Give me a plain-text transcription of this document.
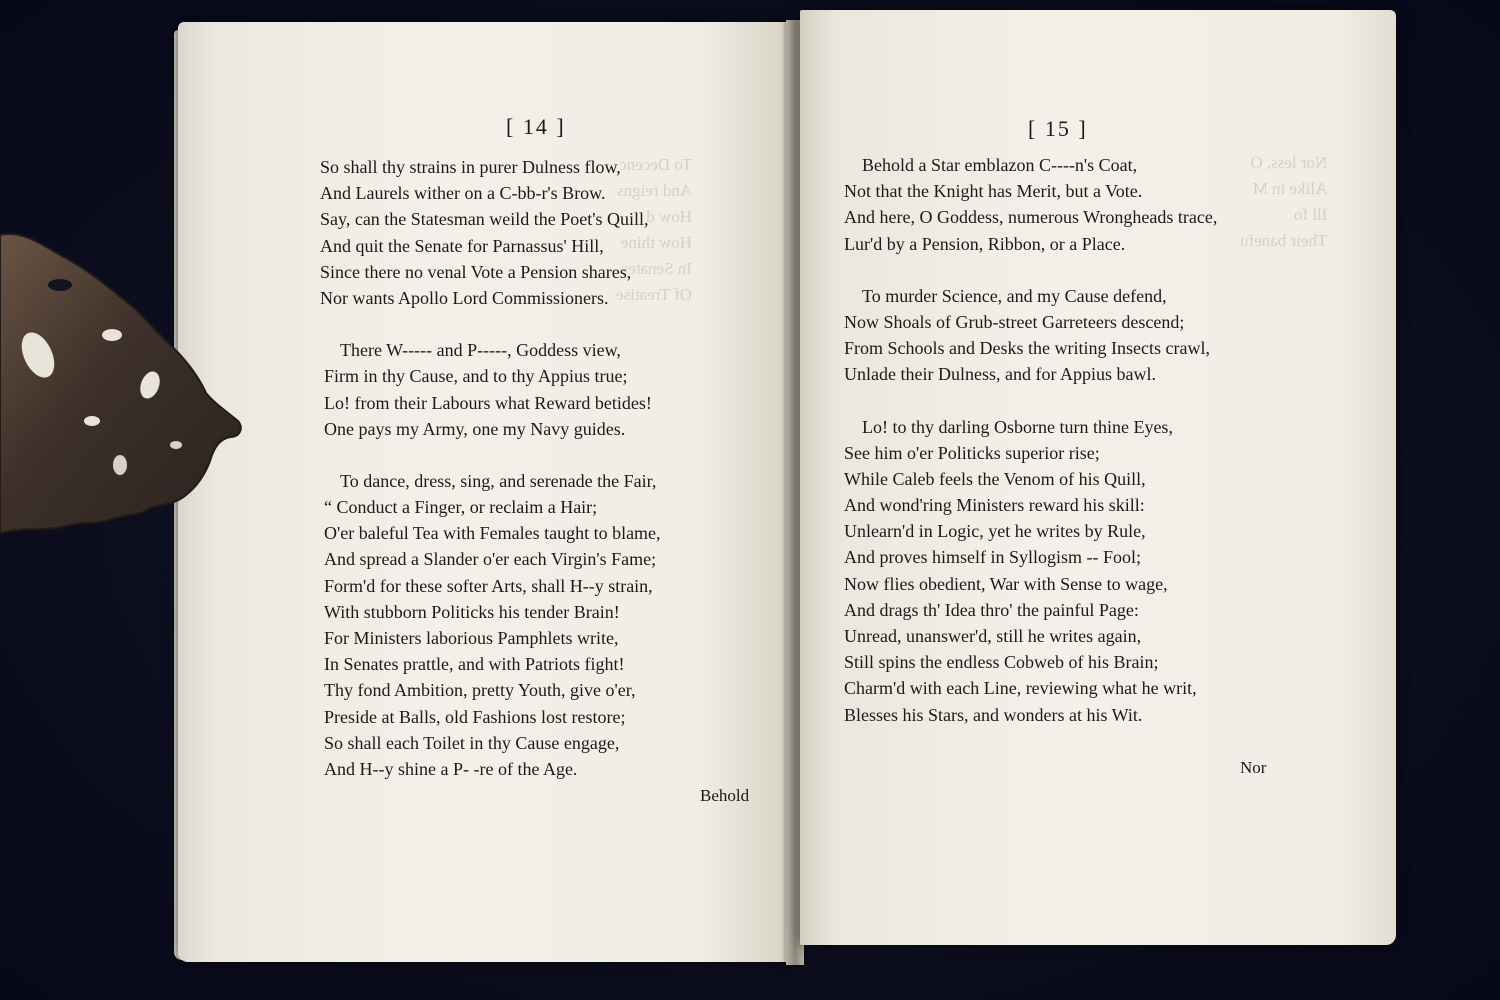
To Decenc
And reigns
How d
How thine
In Senates
Of Treatise
[ 14 ]
So shall thy strains in purer Dulness flow,
And Laurels wither on a C-bb-r's Brow.
Say, can the Statesman weild the Poet's Quill,
And quit the Senate for Parnassus' Hill,
Since there no venal Vote a Pension shares,
Nor wants Apollo Lord Commissioners.
There W----- and P-----, Goddess view,
Firm in thy Cause, and to thy Appius true;
Lo! from their Labours what Reward betides!
One pays my Army, one my Navy guides.
To dance, dress, sing, and serenade the Fair,
“ Conduct a Finger, or reclaim a Hair;
O'er baleful Tea with Females taught to blame,
And spread a Slander o'er each Virgin's Fame;
Form'd for these softer Arts, shall H--y strain,
With stubborn Politicks his tender Brain!
For Ministers laborious Pamphlets write,
In Senates prattle, and with Patriots fight!
Thy fond Ambition, pretty Youth, give o'er,
Preside at Balls, old Fashions lost restore;
So shall each Toilet in thy Cause engage,
And H--y shine a P- -re of the Age.
Behold
Nor less, O
Alike in M
Ill fo
Their banefu
[ 15 ]
Behold a Star emblazon C----n's Coat,
Not that the Knight has Merit, but a Vote.
And here, O Goddess, numerous Wrongheads trace,
Lur'd by a Pension, Ribbon, or a Place.
To murder Science, and my Cause defend,
Now Shoals of Grub-street Garreteers descend;
From Schools and Desks the writing Insects crawl,
Unlade their Dulness, and for Appius bawl.
Lo! to thy darling Osborne turn thine Eyes,
See him o'er Politicks superior rise;
While Caleb feels the Venom of his Quill,
And wond'ring Ministers reward his skill:
Unlearn'd in Logic, yet he writes by Rule,
And proves himself in Syllogism -- Fool;
Now flies obedient, War with Sense to wage,
And drags th' Idea thro' the painful Page:
Unread, unanswer'd, still he writes again,
Still spins the endless Cobweb of his Brain;
Charm'd with each Line, reviewing what he writ,
Blesses his Stars, and wonders at his Wit.
Nor
